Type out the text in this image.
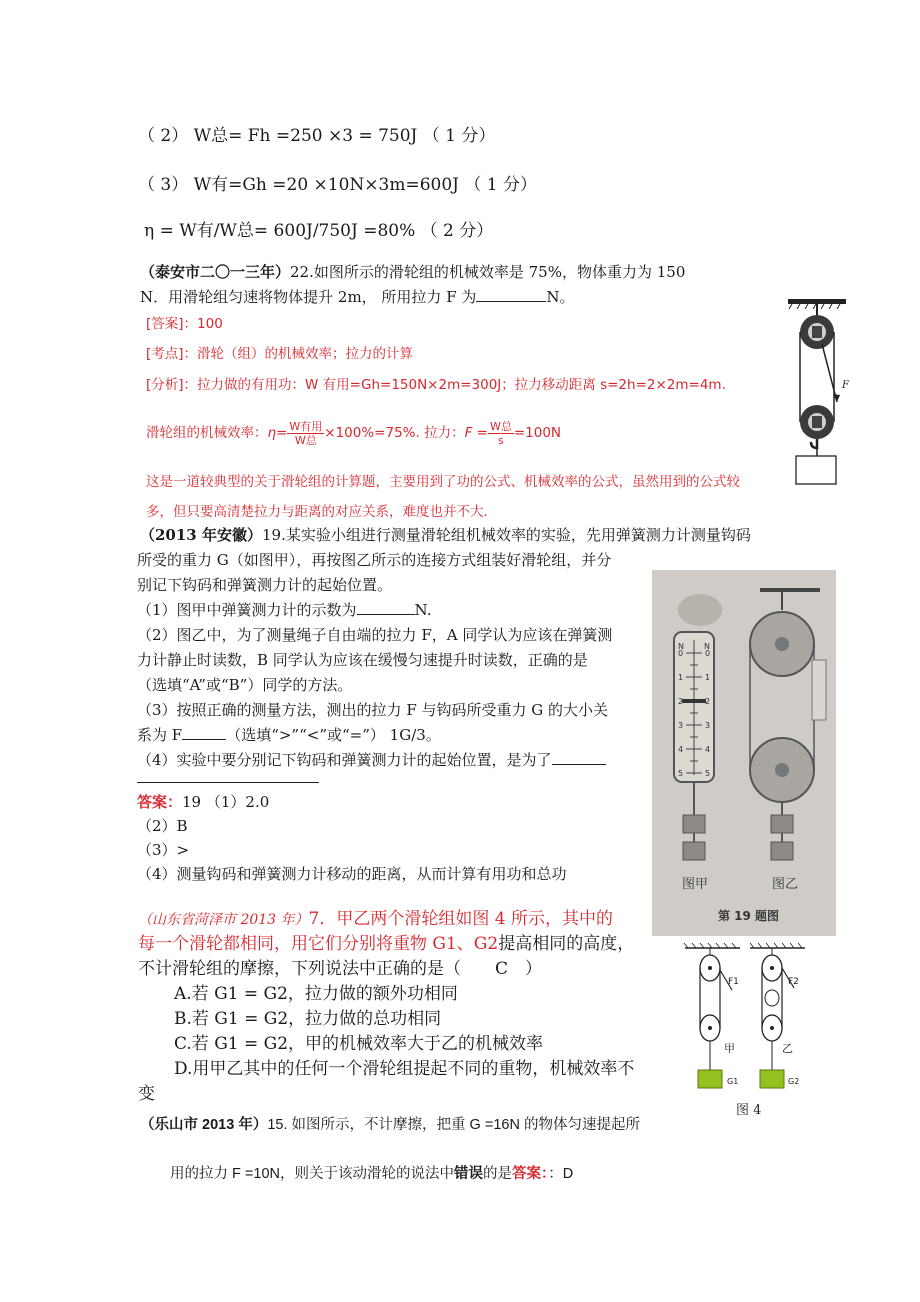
（ 2） W总= Fh =250 ×3 = 750J （ 1 分）
（ 3） W有=Gh =20 ×10N×3m=600J （ 1 分）
η = W有/W总= 600J/750J =80% （ 2 分）
（泰安市二〇一三年）22.如图所示的滑轮组的机械效率是 75%，物体重力为 150
N．用滑轮组匀速将物体提升 2m， 所用拉力 F 为	N。
[答案]：100
[考点]：滑轮（组）的机械效率；拉力的计算
[分析]：拉力做的有用功：W 有用=Gh=150N×2m=300J；拉力移动距离 s=2h=2×2m=4m.
滑轮组的机械效率：$\eta= \frac{\text{W有用}}{\text{W总}} \times 100\%=75\%$. 拉力：$F = \frac{\text{W总}}{s} =100N$
这是一道较典型的关于滑轮组的计算题，主要用到了功的公式、机械效率的公式，虽然用到的公式较
多，但只要高清楚拉力与距离的对应关系，难度也并不大.
F
（2013 年安徽）19.某实验小组进行测量滑轮组机械效率的实验，先用弹簧测力计测量钩码
所受的重力 G（如图甲），再按图乙所示的连接方式组装好滑轮组，并分
别记下钩码和弹簧测力计的起始位置。
（1）图甲中弹簧测力计的示数为	N.
（2）图乙中，为了测量绳子自由端的拉力 F，A 同学认为应该在弹簧测
力计静止时读数，B 同学认为应该在缓慢匀速提升时读数，正确的是
（选填“A”或“B”）同学的方法。
（3）按照正确的测量方法，测出的拉力 F 与钩码所受重力 G 的大小关
系为 F	（选填“>”“<”或“=”） 1G/3。
（4）实验中要分别记下钩码和弹簧测力计的起始位置，是为了
答案：19 （1）2.0
（2）B
（3）>
（4）测量钩码和弹簧测力计移动的距离，从而计算有用功和总功
N	N
0
1
2
3
4
5
0
1
2
3
4
5
图甲	图乙
第 19 题图
（山东省菏泽市 2013 年）7．甲乙两个滑轮组如图 4 所示，其中的
每一个滑轮都相同，用它们分别将重物 G1、G2提高相同的高度，
不计滑轮组的摩擦，下列说法中正确的是（　　C　）
A.若 G1 = G2，拉力做的额外功相同
B.若 G1 = G2，拉力做的总功相同
C.若 G1 = G2，甲的机械效率大于乙的机械效率
D.用甲乙其中的任何一个滑轮组提起不同的重物，机械效率不
变
F1
甲
G1
F2
乙
G2
图 4
（乐山市 2013 年）15. 如图所示，不计摩擦，把重 G =16N 的物体匀速提起所
用的拉力 F =10N，则关于该动滑轮的说法中错误的是答案：：D
